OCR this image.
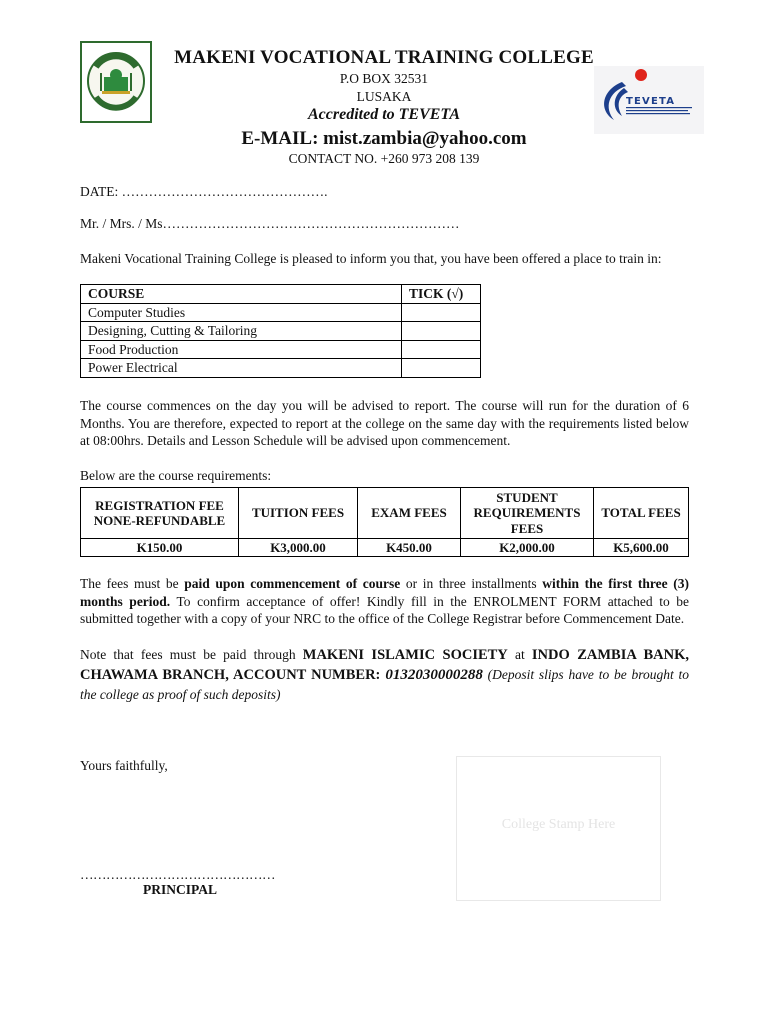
TEVETA
MAKENI VOCATIONAL TRAINING COLLEGE
P.O BOX 32531
LUSAKA
Accredited to TEVETA
E-MAIL: mist.zambia@yahoo.com
CONTACT NO. +260 973 208 139
DATE: ……………………………………….
Mr. / Mrs. / Ms…………………………………………………………
Makeni Vocational Training College is pleased to inform you that, you have been offered a place to train in:
COURSE	TICK (√)
Computer Studies	
Designing, Cutting & Tailoring	
Food Production	
Power Electrical	
The course commences on the day you will be advised to report. The course will run for the duration of 6 Months. You are therefore, expected to report at the college on the same day with the requirements listed below at 08:00hrs. Details and Lesson Schedule will be advised upon commencement.
Below are the course requirements:
REGISTRATION FEE NONE-REFUNDABLE	TUITION FEES	EXAM FEES	STUDENT REQUIREMENTS FEES	TOTAL FEES
K150.00	K3,000.00	K450.00	K2,000.00	K5,600.00
The fees must be paid upon commencement of course or in three installments within the first three (3) months period. To confirm acceptance of offer! Kindly fill in the ENROLMENT FORM attached to be submitted together with a copy of your NRC to the office of the College Registrar before Commencement Date.
Note that fees must be paid through MAKENI ISLAMIC SOCIETY at INDO ZAMBIA BANK, CHAWAMA BRANCH, ACCOUNT NUMBER: 0132030000288 (Deposit slips have to be brought to the college as proof of such deposits)
Yours faithfully,
………………………………………
PRINCIPAL
College Stamp Here
